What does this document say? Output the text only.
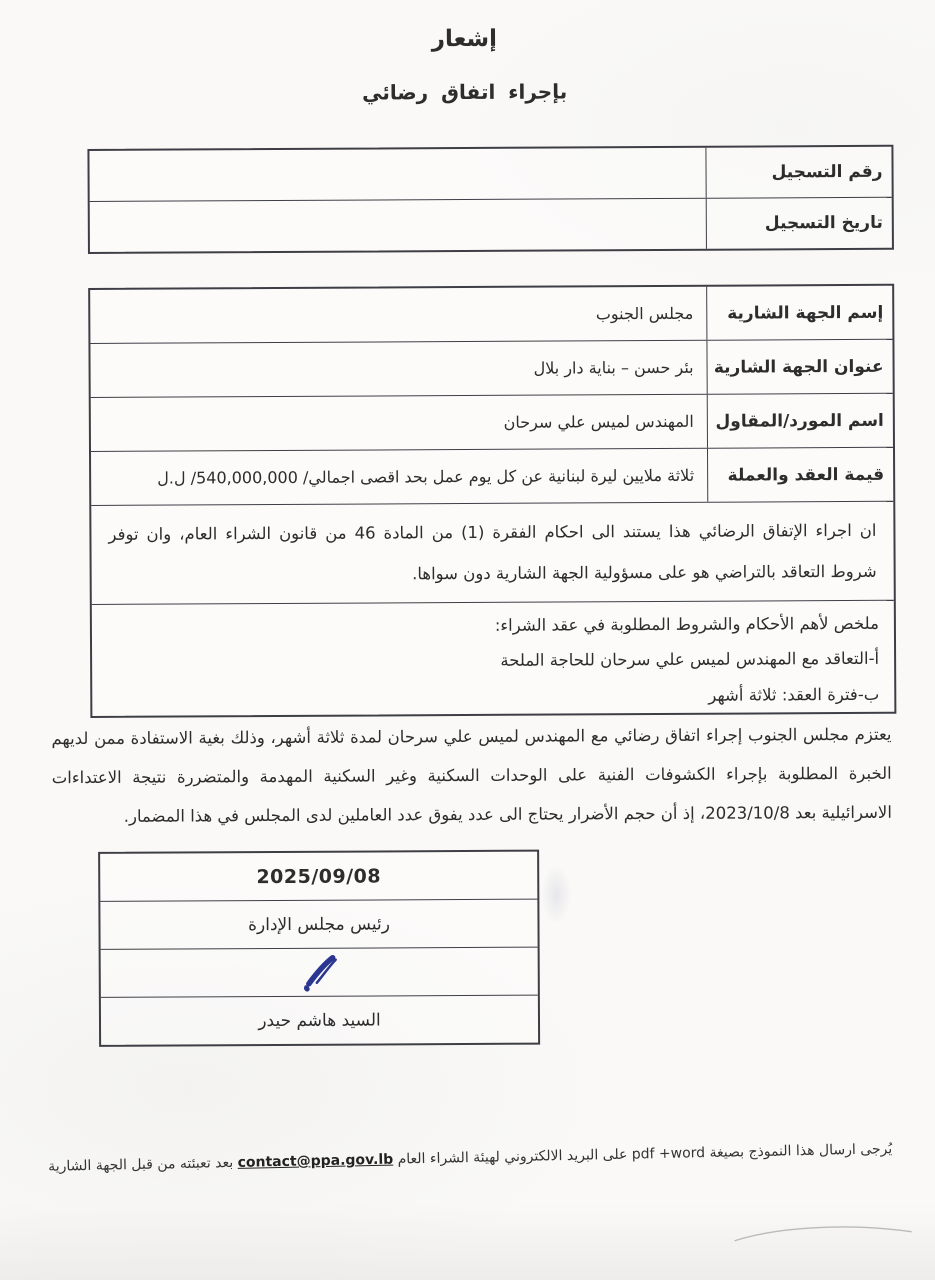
إشعار
بإجراء اتفاق رضائي
رقم التسجيل
تاريخ التسجيل
إسم الجهة الشارية
مجلس الجنوب
عنوان الجهة الشارية
بئر حسن – بناية دار بلال
اسم المورد/المقاول
المهندس لميس علي سرحان
قيمة العقد والعملة
ثلاثة ملايين ليرة لبنانية عن كل يوم عمل بحد اقصى اجمالي/ 540,000,000/ ل.ل
ان اجراء الإتفاق الرضائي هذا يستند الى احكام الفقرة (1) من المادة 46 من قانون الشراء العام، وان توفر شروط التعاقد بالتراضي هو على مسؤولية الجهة الشارية دون سواها.
ملخص لأهم الأحكام والشروط المطلوبة في عقد الشراء:
أ-التعاقد مع المهندس لميس علي سرحان للحاجة الملحة
ب-فترة العقد: ثلاثة أشهر
يعتزم مجلس الجنوب إجراء اتفاق رضائي مع المهندس لميس علي سرحان لمدة ثلاثة أشهر، وذلك بغية الاستفادة ممن لديهم الخبرة المطلوبة بإجراء الكشوفات الفنية على الوحدات السكنية وغير السكنية المهدمة والمتضررة نتيجة الاعتداءات الاسرائيلية بعد 2023/10/8، إذ أن حجم الأضرار يحتاج الى عدد يفوق عدد العاملين لدى المجلس في هذا المضمار.
2025/09/08
رئيس مجلس الإدارة
السيد هاشم حيدر
يُرجى ارسال هذا النموذج بصيغة pdf +word على البريد الالكتروني لهيئة الشراء العام contact@ppa.gov.lb بعد تعبئته من قبل الجهة الشارية
